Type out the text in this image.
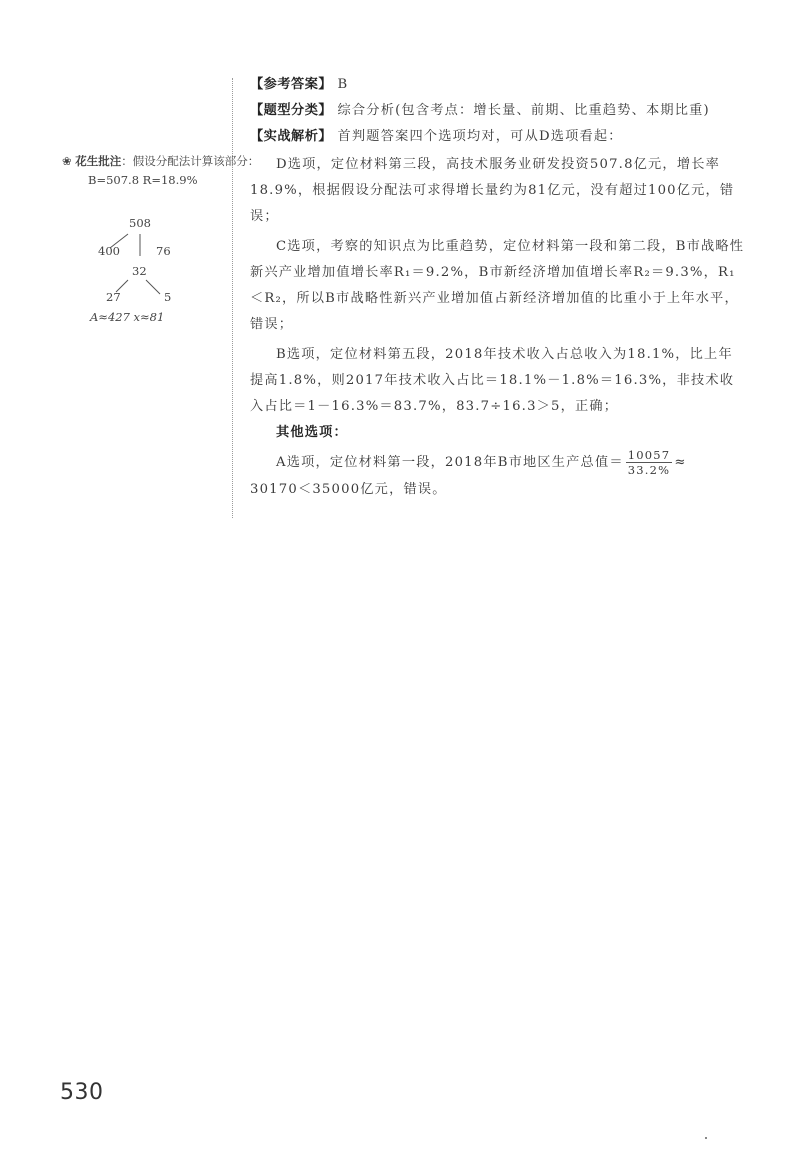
❀ 花生批注：假设分配法计算该部分：
B=507.8 R=18.9%
508
400	76
32
27	5
A≈427 x≈81

【参考答案】 B

【题型分类】 综合分析(包含考点：增长量、前期、比重趋势、本期比重)

【实战解析】 首判题答案四个选项均对，可从D选项看起：

D选项，定位材料第三段，高技术服务业研发投资507.8亿元，增长率18.9%，根据假设分配法可求得增长量约为81亿元，没有超过100亿元，错误；

C选项，考察的知识点为比重趋势，定位材料第一段和第二段，B市战略性新兴产业增加值增长率R₁＝9.2%，B市新经济增加值增长率R₂＝9.3%，R₁＜R₂，所以B市战略性新兴产业增加值占新经济增加值的比重小于上年水平，错误；

B选项，定位材料第五段，2018年技术收入占总收入为18.1%，比上年提高1.8%，则2017年技术收入占比＝18.1%－1.8%＝16.3%，非技术收入占比＝1－16.3%＝83.7%，83.7÷16.3＞5，正确；

其他选项：

A选项，定位材料第一段，2018年B市地区生产总值＝ $\frac{10057}{33.2\%}$ ≈

30170＜35000亿元，错误。

530
